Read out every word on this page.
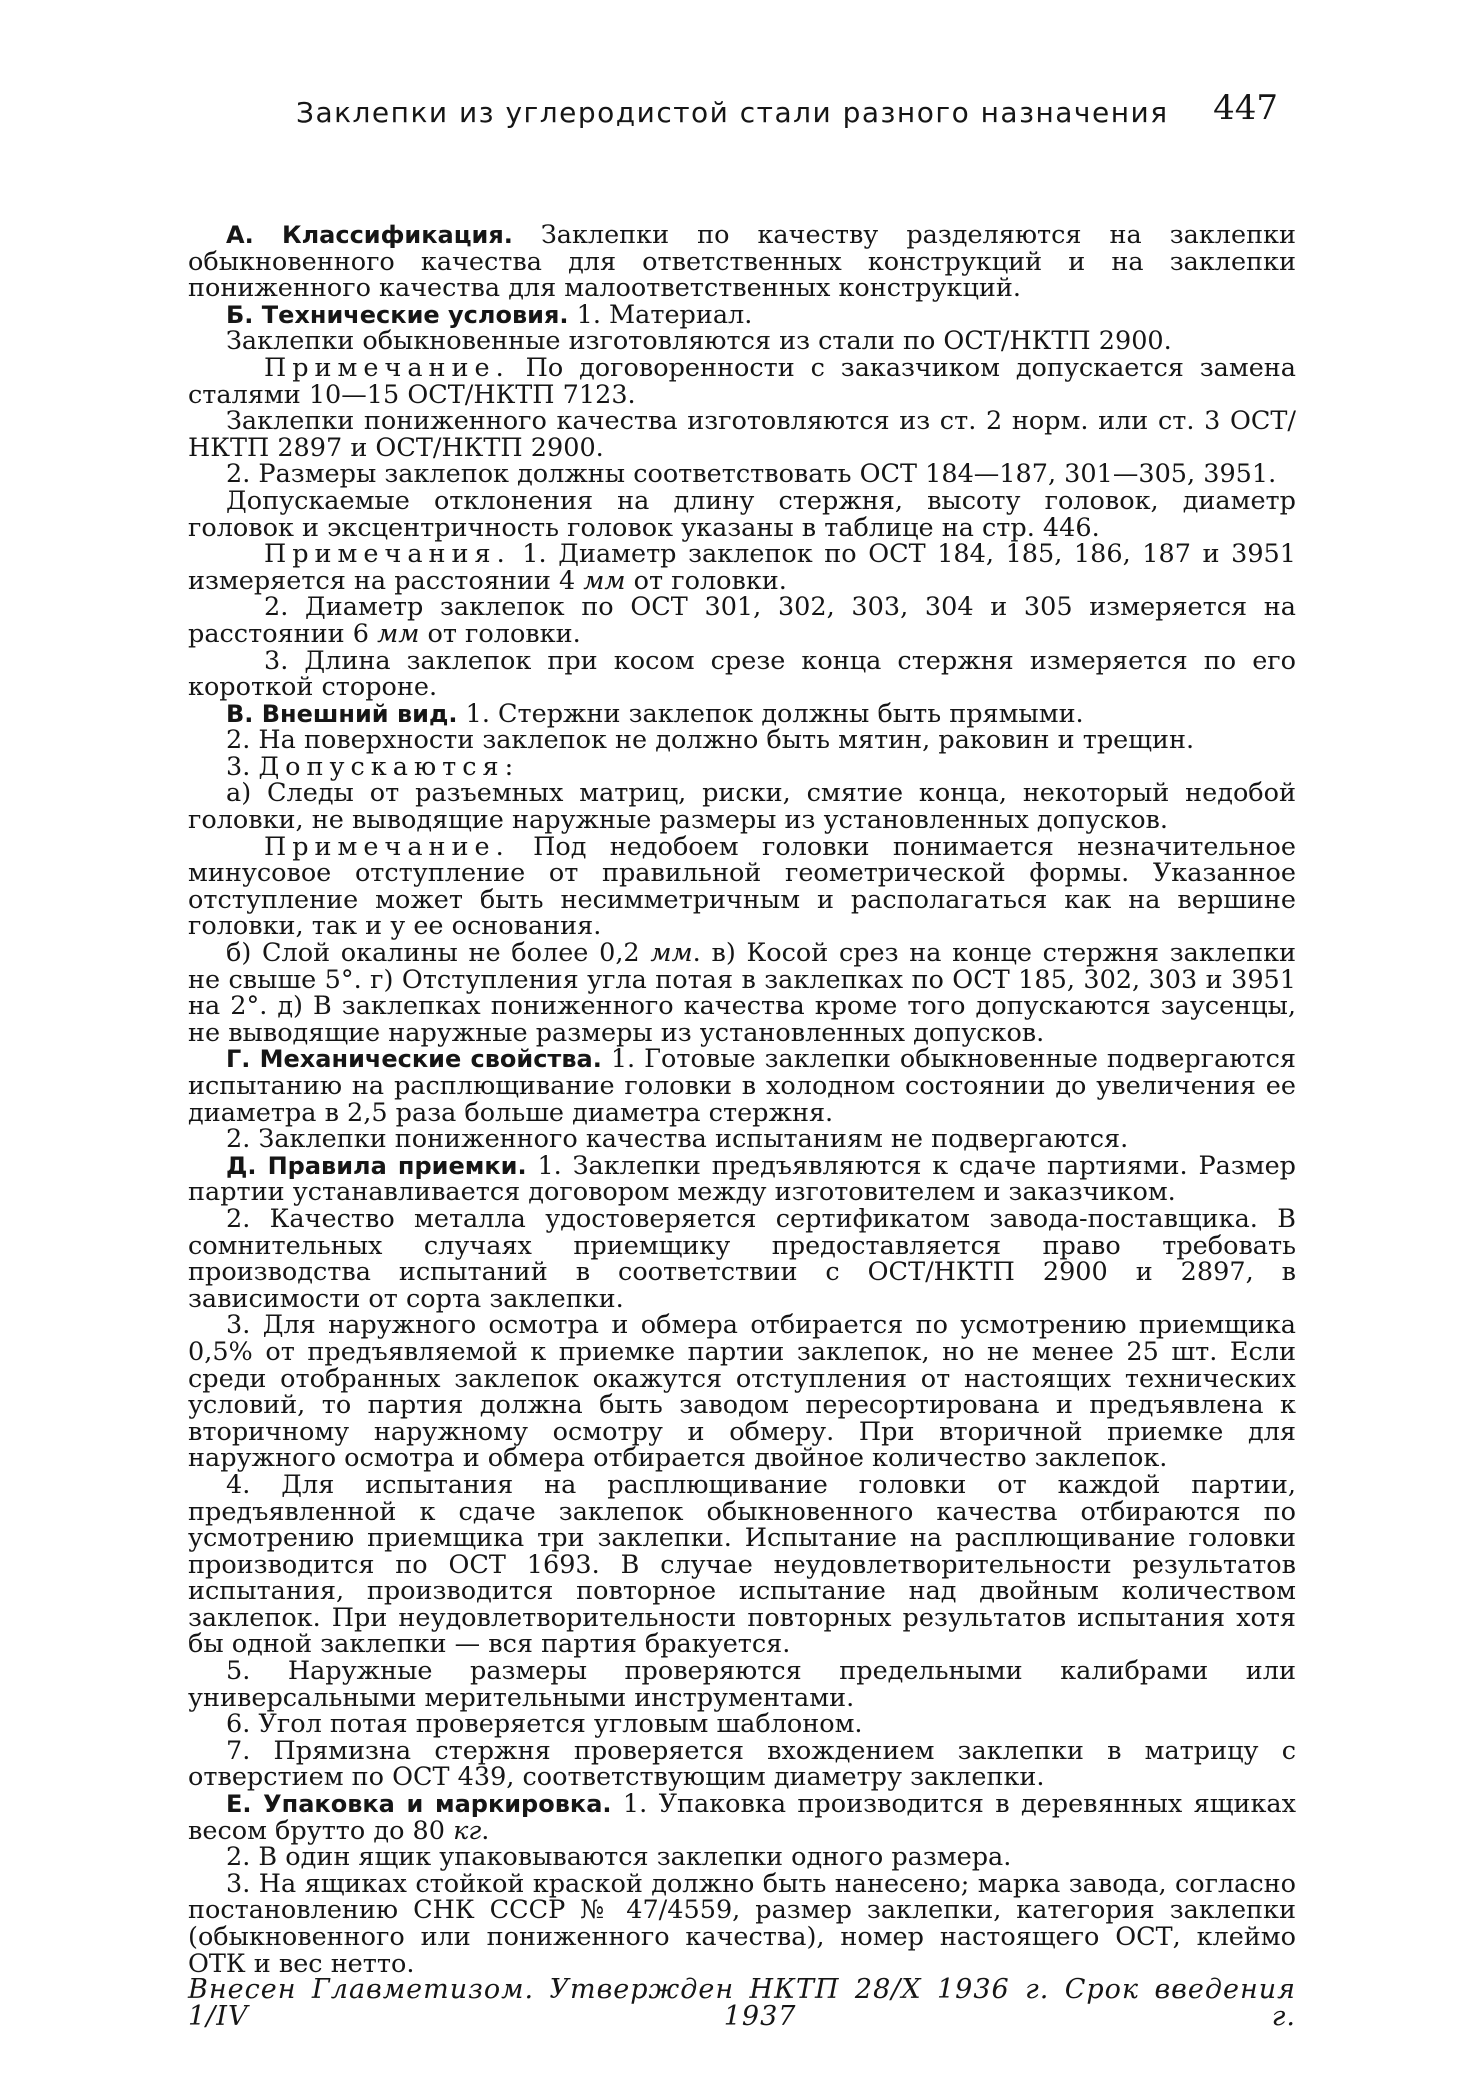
Заклепки из углеродистой стали разного назначения 447

А. Классификация. Заклепки по качеству разделяются на заклепки обыкновенного качества для ответственных конструкций и на заклепки пониженного качества для малоответственных конструкций.

Б. Технические условия. 1. Материал.

Заклепки обыкновенные изготовляются из стали по ОСТ/НКТП 2900.

Примечание. По договоренности с заказчиком допускается замена сталями 10—15 ОСТ/НКТП 7123.

Заклепки пониженного качества изготовляются из ст. 2 норм. или ст. 3 ОСТ/НКТП 2897 и ОСТ/НКТП 2900.

2. Размеры заклепок должны соответствовать ОСТ 184—187, 301—305, 3951.

Допускаемые отклонения на длину стержня, высоту головок, диаметр головок и эксцентричность головок указаны в таблице на стр. 446.

Примечания. 1. Диаметр заклепок по ОСТ 184, 185, 186, 187 и 3951 измеряется на расстоянии 4 мм от головки.

2. Диаметр заклепок по ОСТ 301, 302, 303, 304 и 305 измеряется на расстоянии 6 мм от головки.

3. Длина заклепок при косом срезе конца стержня измеряется по его короткой стороне.

В. Внешний вид. 1. Стержни заклепок должны быть прямыми.

2. На поверхности заклепок не должно быть мятин, раковин и трещин.

3. Допускаются:

а) Следы от разъемных матриц, риски, смятие конца, некоторый недобой головки, не выводящие наружные размеры из установленных допусков.

Примечание. Под недобоем головки понимается незначительное минусовое отступление от правильной геометрической формы. Указанное отступление может быть несимметричным и располагаться как на вершине головки, так и у ее основания.

б) Слой окалины не более 0,2 мм. в) Косой срез на конце стержня заклепки не свыше 5°. г) Отступления угла потая в заклепках по ОСТ 185, 302, 303 и 3951 на 2°. д) В заклепках пониженного качества кроме того допускаются заусенцы, не выводящие наружные размеры из установленных допусков.

Г. Механические свойства. 1. Готовые заклепки обыкновенные подвергаются испытанию на расплющивание головки в холодном состоянии до увеличения ее диаметра в 2,5 раза больше диаметра стержня.

2. Заклепки пониженного качества испытаниям не подвергаются.

Д. Правила приемки. 1. Заклепки предъявляются к сдаче партиями. Размер партии устанавливается договором между изготовителем и заказчиком.

2. Качество металла удостоверяется сертификатом завода-поставщика. В сомнительных случаях приемщику предоставляется право требовать производства испытаний в соответствии с ОСТ/НКТП 2900 и 2897, в зависимости от сорта заклепки.

3. Для наружного осмотра и обмера отбирается по усмотрению приемщика 0,5% от предъявляемой к приемке партии заклепок, но не менее 25 шт. Если среди отобранных заклепок окажутся отступления от настоящих технических условий, то партия должна быть заводом пересортирована и предъявлена к вторичному наружному осмотру и обмеру. При вторичной приемке для наружного осмотра и обмера отбирается двойное количество заклепок.

4. Для испытания на расплющивание головки от каждой партии, предъявленной к сдаче заклепок обыкновенного качества отбираются по усмотрению приемщика три заклепки. Испытание на расплющивание головки производится по ОСТ 1693. В случае неудовлетворительности результатов испытания, производится повторное испытание над двойным количеством заклепок. При неудовлетворительности повторных результатов испытания хотя бы одной заклепки — вся партия бракуется.

5. Наружные размеры проверяются предельными калибрами или универсальными мерительными инструментами.

6. Угол потая проверяется угловым шаблоном.

7. Прямизна стержня проверяется вхождением заклепки в матрицу с отверстием по ОСТ 439, соответствующим диаметру заклепки.

Е. Упаковка и маркировка. 1. Упаковка производится в деревянных ящиках весом брутто до 80 кг.

2. В один ящик упаковываются заклепки одного размера.

3. На ящиках стойкой краской должно быть нанесено; марка завода, согласно постановлению СНК СССР № 47/4559, размер заклепки, категория заклепки (обыкновенного или пониженного качества), номер настоящего ОСТ, клеймо ОТК и вес нетто.

Внесен Главметизом. Утвержден НКТП 28/X 1936 г. Срок введения 1/IV 1937 г.
